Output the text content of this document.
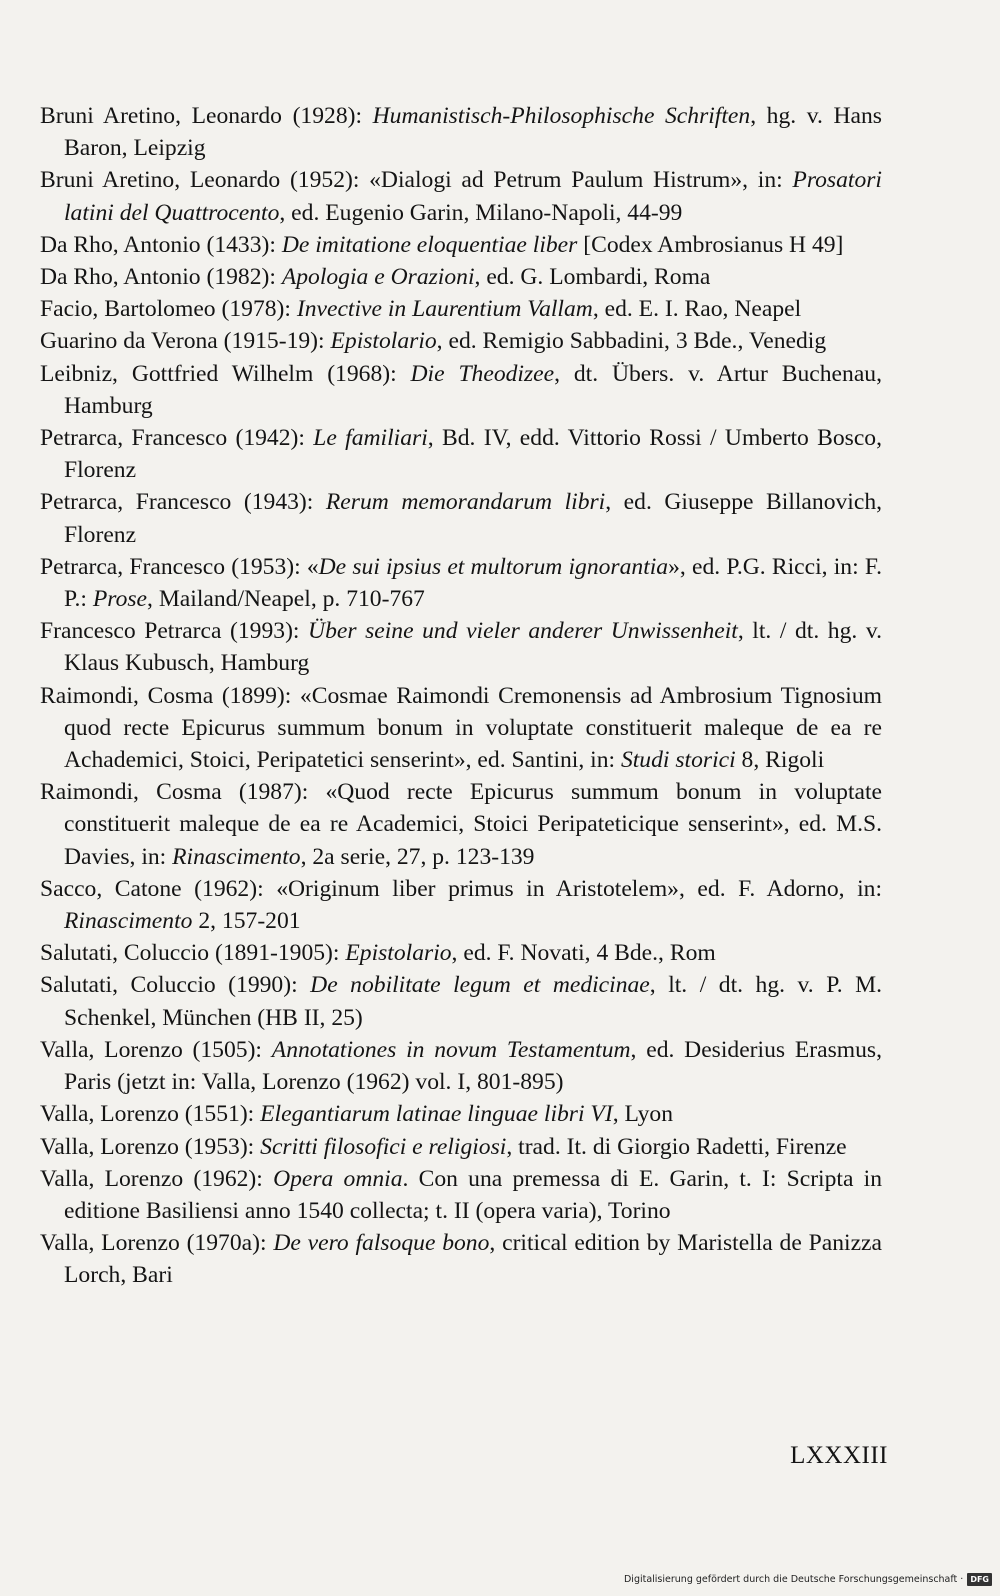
Bruni Aretino, Leonardo (1928): Humanistisch-Philosophische Schriften, hg. v. Hans Baron, Leipzig

Bruni Aretino, Leonardo (1952): «Dialogi ad Petrum Paulum Histrum», in: Prosatori latini del Quattrocento, ed. Eugenio Garin, Milano-Napoli, 44-99

Da Rho, Antonio (1433): De imitatione eloquentiae liber [Codex Ambrosianus H 49]

Da Rho, Antonio (1982): Apologia e Orazioni, ed. G. Lombardi, Roma

Facio, Bartolomeo (1978): Invective in Laurentium Vallam, ed. E. I. Rao, Neapel

Guarino da Verona (1915-19): Epistolario, ed. Remigio Sabbadini, 3 Bde., Venedig

Leibniz, Gottfried Wilhelm (1968): Die Theodizee, dt. Übers. v. Artur Buchenau, Hamburg

Petrarca, Francesco (1942): Le familiari, Bd. IV, edd. Vittorio Rossi / Umberto Bosco, Florenz

Petrarca, Francesco (1943): Rerum memorandarum libri, ed. Giuseppe Billanovich, Florenz

Petrarca, Francesco (1953): «De sui ipsius et multorum ignorantia», ed. P.G. Ricci, in: F. P.: Prose, Mailand/Neapel, p. 710-767

Francesco Petrarca (1993): Über seine und vieler anderer Unwissenheit, lt. / dt. hg. v. Klaus Kubusch, Hamburg

Raimondi, Cosma (1899): «Cosmae Raimondi Cremonensis ad Ambrosium Tignosium quod recte Epicurus summum bonum in voluptate constituerit maleque de ea re Achademici, Stoici, Peripatetici senserint», ed. Santini, in: Studi storici 8, Rigoli

Raimondi, Cosma (1987): «Quod recte Epicurus summum bonum in voluptate constituerit maleque de ea re Academici, Stoici Peripateticique senserint», ed. M.S. Davies, in: Rinascimento, 2a serie, 27, p. 123-139

Sacco, Catone (1962): «Originum liber primus in Aristotelem», ed. F. Adorno, in: Rinascimento 2, 157-201

Salutati, Coluccio (1891-1905): Epistolario, ed. F. Novati, 4 Bde., Rom

Salutati, Coluccio (1990): De nobilitate legum et medicinae, lt. / dt. hg. v. P. M. Schenkel, München (HB II, 25)

Valla, Lorenzo (1505): Annotationes in novum Testamentum, ed. Desiderius Erasmus, Paris (jetzt in: Valla, Lorenzo (1962) vol. I, 801-895)

Valla, Lorenzo (1551): Elegantiarum latinae linguae libri VI, Lyon

Valla, Lorenzo (1953): Scritti filosofici e religiosi, trad. It. di Giorgio Radetti, Firenze

Valla, Lorenzo (1962): Opera omnia. Con una premessa di E. Garin, t. I: Scripta in editione Basiliensi anno 1540 collecta; t. II (opera varia), Torino

Valla, Lorenzo (1970a): De vero falsoque bono, critical edition by Maristella de Panizza Lorch, Bari

LXXXIII
Digitalisierung gefördert durch die Deutsche Forschungsgemeinschaft · DFG
